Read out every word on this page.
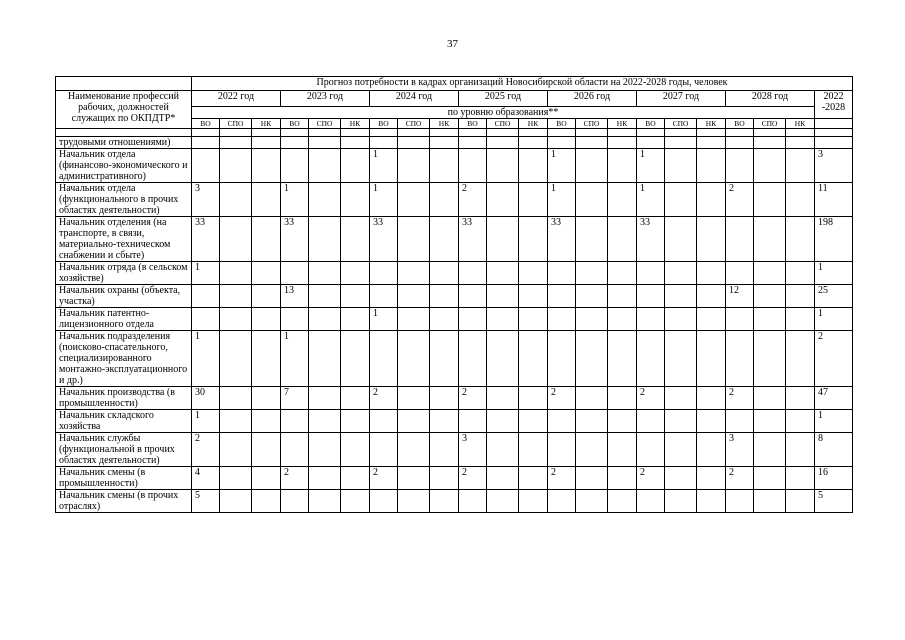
37
	Прогноз потребности в кадрах организаций Новосибирской области на 2022-2028 годы, человек																					
Наименование профессий рабочих, должностей служащих по ОКПДТР*	2022 год			2023 год			2024 год			2025 год			2026 год			2027 год			2028 год			2022 -2028
	по уровню образования**																					
	ВО	СПО	НК	ВО	СПО	НК	ВО	СПО	НК	ВО	СПО	НК	ВО	СПО	НК	ВО	СПО	НК	ВО	СПО	НК	

трудовыми отношениями)																						
Начальник отдела (финансово-экономического и административного)							1						1			1						3
Начальник отдела (функционального в прочих областях деятельности)	3			1			1			2			1			1			2			11
Начальник отделения (на транспорте, в связи, материально-техническом снабжении и сбыте)	33			33			33			33			33			33						198
Начальник отряда (в сельском хозяйстве)	1																					1
Начальник охраны (объекта, участка)				13															12			25
Начальник патентно-лицензионного отдела							1															1
Начальник подразделения (поисково-спасательного, специализированного монтажно-эксплуатационного и др.)	1			1																		2
Начальник производства (в промышленности)	30			7			2			2			2			2			2			47
Начальник складского хозяйства	1																					1
Начальник службы (функциональной в прочих областях деятельности)	2									3									3			8
Начальник смены (в промышленности)	4			2			2			2			2			2			2			16
Начальник смены (в прочих отраслях)	5																					5
